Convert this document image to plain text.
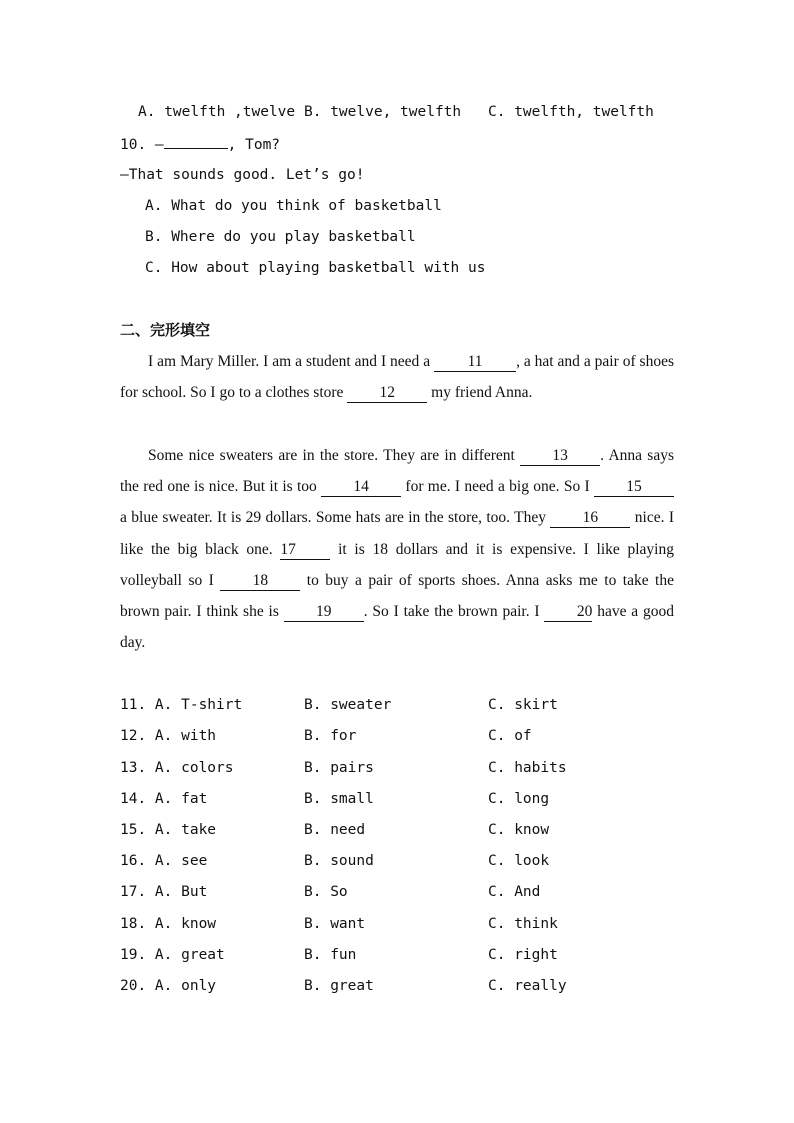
A. twelfth ,twelve B. twelve, twelfth C. twelfth, twelfth
10. —	, Tom?
—That sounds good. Let’s go!
A. What do you think of basketball
B. Where do you play basketball
C. How about playing basketball with us
二、完形填空

I am Mary Miller. I am a student and I need a 11 , a hat and a pair of shoes for school. So I go to a clothes store 12 my friend Anna.

Some nice sweaters are in the store. They are in different 13 . Anna says the red one is nice. But it is too 14 for me. I need a big one. So I 15 a blue sweater. It is 29 dollars. Some hats are in the store, too. They 16 nice. I like the big black one. 17 it is 18 dollars and it is expensive. I like playing volleyball so I 18 to buy a pair of sports shoes. Anna asks me to take the brown pair. I think she is 19 . So I take the brown pair. I 20 have a good day.

11. A. T-shirt	B. sweater	C. skirt
12. A. with	B. for	C. of
13. A. colors	B. pairs	C. habits
14. A. fat	B. small	C. long
15. A. take	B. need	C. know
16. A. see	B. sound	C. look
17. A. But	B. So	C. And
18. A. know	B. want	C. think
19. A. great	B. fun	C. right
20. A. only	B. great	C. really
